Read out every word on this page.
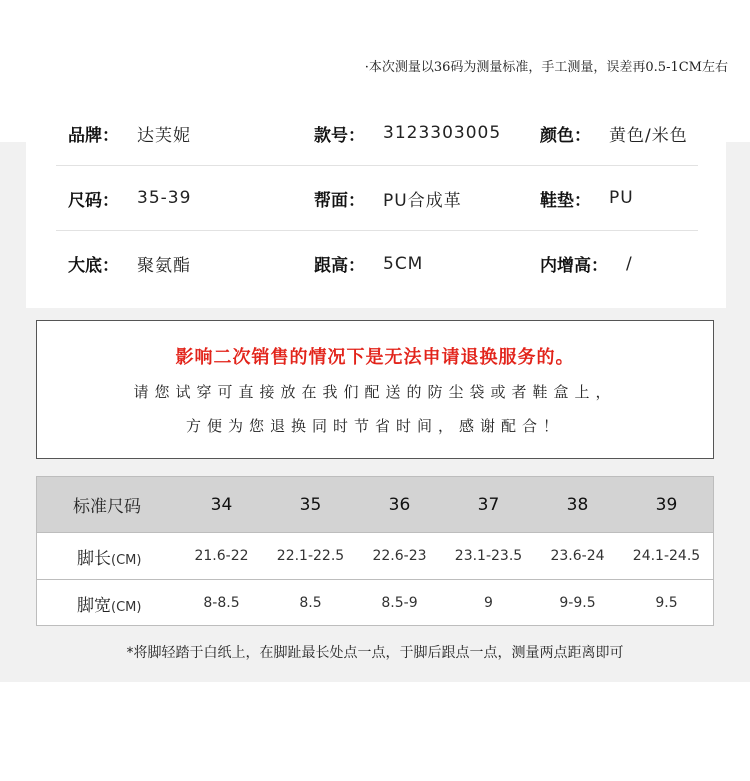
·本次测量以36码为测量标准，手工测量，误差再0.5-1CM左右
品牌： 达芙妮	款号： 3123303005 颜色： 黄色/米色
尺码： 35-39	帮面： PU合成革	鞋垫： PU
大底： 聚氨酯	跟高： 5CM	内增高： /
影响二次销售的情况下是无法申请退换服务的。
请您试穿可直接放在我们配送的防尘袋或者鞋盒上，
方便为您退换同时节省时间，感谢配合！
标准尺码	34	35	36	37	38	39
脚长(CM)	21.6-22	22.1-22.5	22.6-23	23.1-23.5	23.6-24	24.1-24.5
脚宽(CM)	8-8.5	8.5	8.5-9	9	9-9.5	9.5
*将脚轻踏于白纸上，在脚趾最长处点一点，于脚后跟点一点，测量两点距离即可
